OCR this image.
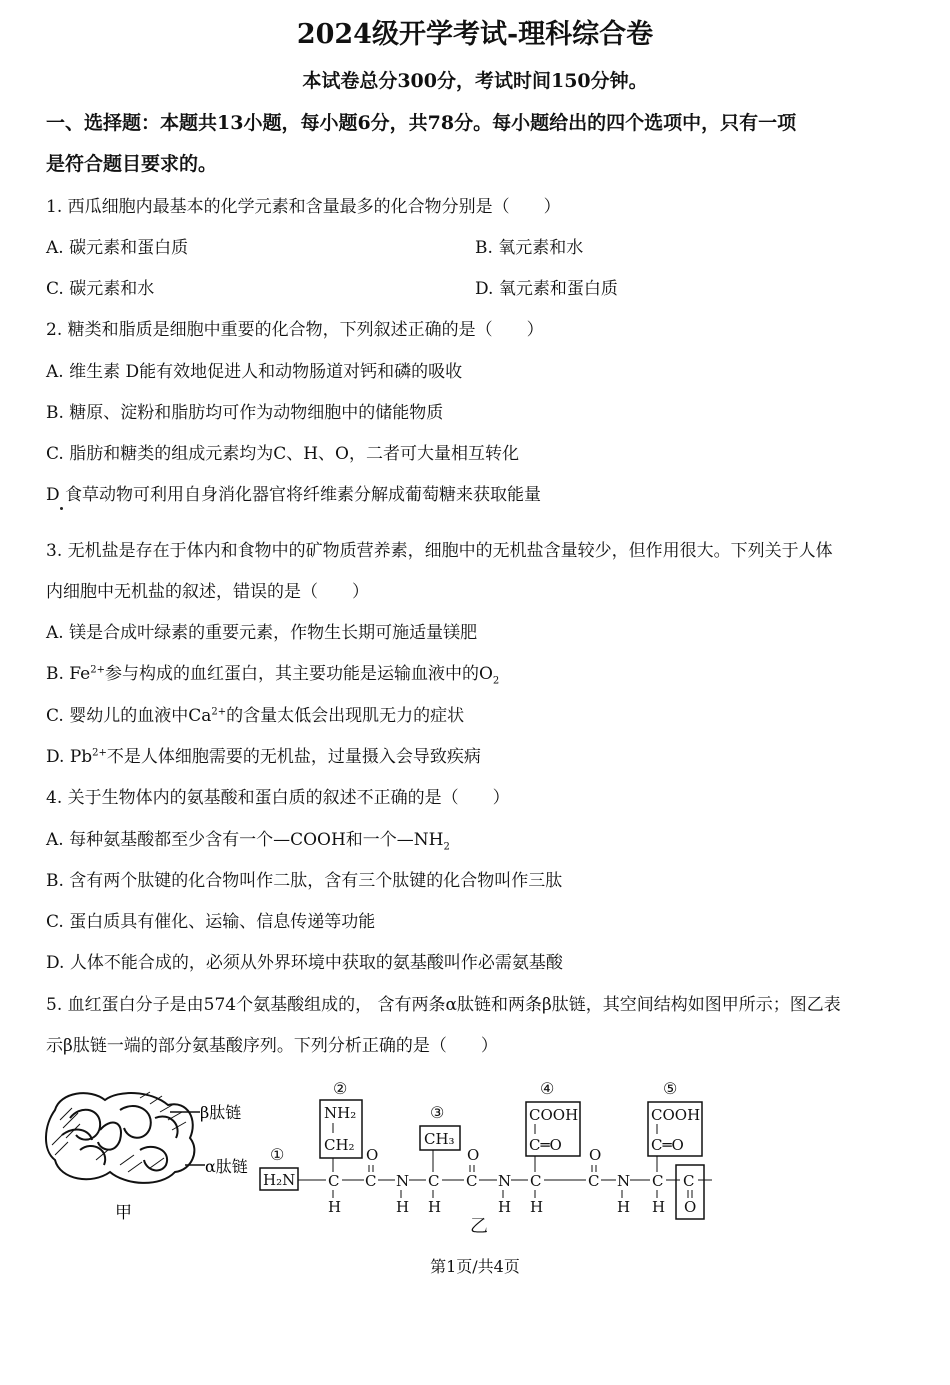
2024级开学考试-理科综合卷
本试卷总分300分，考试时间150分钟。
一、选择题：本题共13小题，每小题6分，共78分。每小题给出的四个选项中，只有一项
是符合题目要求的。
1. 西瓜细胞内最基本的化学元素和含量最多的化合物分别是（　　）
A. 碳元素和蛋白质	B. 氧元素和水
C. 碳元素和水	D. 氧元素和蛋白质
2. 糖类和脂质是细胞中重要的化合物，下列叙述正确的是（　　）
A. 维生素 D能有效地促进人和动物肠道对钙和磷的吸收
B. 糖原、淀粉和脂肪均可作为动物细胞中的储能物质
C. 脂肪和糖类的组成元素均为C、H、O，二者可大量相互转化
D 食草动物可利用自身消化器官将纤维素分解成葡萄糖来获取能量
3. 无机盐是存在于体内和食物中的矿物质营养素，细胞中的无机盐含量较少，但作用很大。下列关于人体
内细胞中无机盐的叙述，错误的是（　　）
A. 镁是合成叶绿素的重要元素，作物生长期可施适量镁肥
B. $Fe^{2+}$参与构成的血红蛋白，其主要功能是运输血液中的$O_2$
C. 婴幼儿的血液中$Ca^{2+}$的含量太低会出现肌无力的症状
D. $Pb^{2+}$不是人体细胞需要的无机盐，过量摄入会导致疾病
4. 关于生物体内的氨基酸和蛋白质的叙述不正确的是（　　）
A. 每种氨基酸都至少含有一个—COOH和一个$—NH_2$
B. 含有两个肽键的化合物叫作二肽，含有三个肽键的化合物叫作三肽
C. 蛋白质具有催化、运输、信息传递等功能
D. 人体不能合成的，必须从外界环境中获取的氨基酸叫作必需氨基酸
5. 血红蛋白分子是由574个氨基酸组成的， 含有两条α肽链和两条β肽链，其空间结构如图甲所示；图乙表
示β肽链一端的部分氨基酸序列。下列分析正确的是（　　）
β肽链
α肽链
甲
①
H₂N C
H
②
NH₂
CH₂
C
O
N
H
C
③
CH₃
H
C
O
N
H
C
④
COOH
C═O
H
C
O
N
H
C
⑤
COOH
C═O
H
C
O
乙
第1页/共4页
